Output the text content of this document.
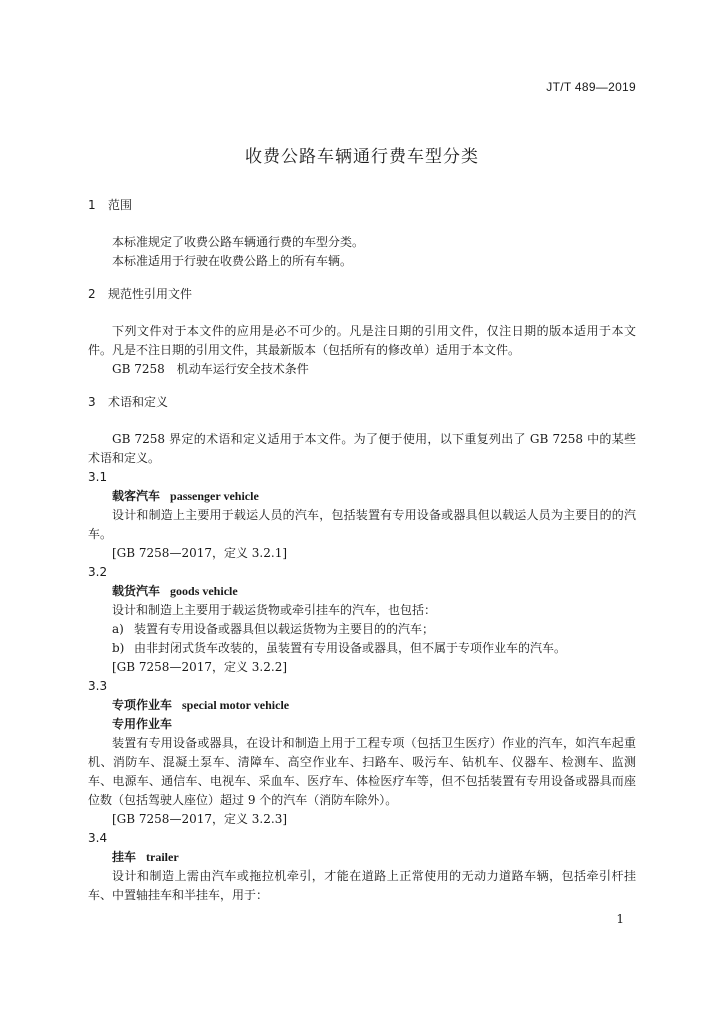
JT/T 489—2019
收费公路车辆通行费车型分类

1 范围

本标准规定了收费公路车辆通行费的车型分类。

本标准适用于行驶在收费公路上的所有车辆。

2 规范性引用文件

下列文件对于本文件的应用是必不可少的。凡是注日期的引用文件，仅注日期的版本适用于本文件。凡是不注日期的引用文件，其最新版本（包括所有的修改单）适用于本文件。

GB 7258　机动车运行安全技术条件

3 术语和定义

GB 7258 界定的术语和定义适用于本文件。为了便于使用，以下重复列出了 GB 7258 中的某些术语和定义。

3.1

载客汽车 passenger vehicle

设计和制造上主要用于载运人员的汽车，包括装置有专用设备或器具但以载运人员为主要目的的汽车。

[GB 7258—2017，定义 3.2.1]

3.2

载货汽车 goods vehicle

设计和制造上主要用于载运货物或牵引挂车的汽车，也包括：

a) 装置有专用设备或器具但以载运货物为主要目的的汽车；

b) 由非封闭式货车改装的，虽装置有专用设备或器具，但不属于专项作业车的汽车。

[GB 7258—2017，定义 3.2.2]

3.3

专项作业车 special motor vehicle

专用作业车

装置有专用设备或器具，在设计和制造上用于工程专项（包括卫生医疗）作业的汽车，如汽车起重机、消防车、混凝土泵车、清障车、高空作业车、扫路车、吸污车、钻机车、仪器车、检测车、监测车、电源车、通信车、电视车、采血车、医疗车、体检医疗车等，但不包括装置有专用设备或器具而座位数（包括驾驶人座位）超过 9 个的汽车（消防车除外）。

[GB 7258—2017，定义 3.2.3]

3.4

挂车 trailer

设计和制造上需由汽车或拖拉机牵引，才能在道路上正常使用的无动力道路车辆，包括牵引杆挂车、中置轴挂车和半挂车，用于：

1
